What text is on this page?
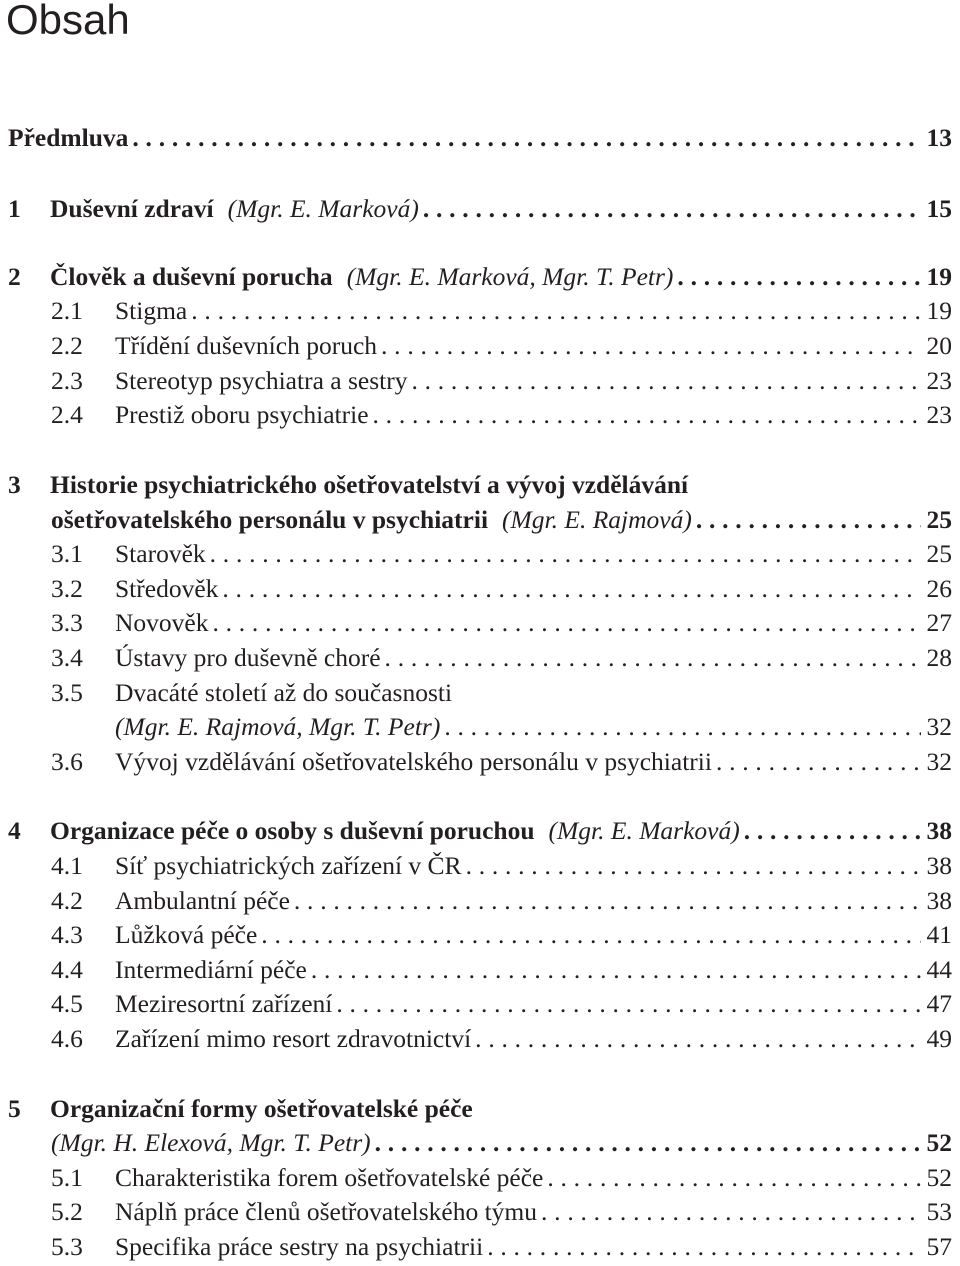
Obsah
Předmluva . . .	13
1	Duševní zdraví (Mgr. E. Marková) . . .	15
2	Člověk a duševní porucha (Mgr. E. Marková, Mgr. T. Petr) . . .	19
2.1	Stigma . . .	19
2.2	Třídění duševních poruch . . .	20
2.3	Stereotyp psychiatra a sestry . . .	23
2.4	Prestiž oboru psychiatrie . . .	23
3	Historie psychiatrického ošetřovatelství a vývoj vzdělávání
ošetřovatelského personálu v psychiatrii (Mgr. E. Rajmová) . . .	25
3.1	Starověk . . .	25
3.2	Středověk . . .	26
3.3	Novověk . . .	27
3.4	Ústavy pro duševně choré . . .	28
3.5	Dvacáté století až do současnosti
(Mgr. E. Rajmová, Mgr. T. Petr) . . .	32
3.6	Vývoj vzdělávání ošetřovatelského personálu v psychiatrii . . .	32
4	Organizace péče o osoby s duševní poruchou (Mgr. E. Marková) . . .	38
4.1	Síť psychiatrických zařízení v ČR . . .	38
4.2	Ambulantní péče . . .	38
4.3	Lůžková péče . . .	41
4.4	Intermediární péče . . .	44
4.5	Meziresortní zařízení . . .	47
4.6	Zařízení mimo resort zdravotnictví . . .	49
5	Organizační formy ošetřovatelské péče
(Mgr. H. Elexová, Mgr. T. Petr) . . .	52
5.1	Charakteristika forem ošetřovatelské péče . . .	52
5.2	Náplň práce členů ošetřovatelského týmu . . .	53
5.3	Specifika práce sestry na psychiatrii . . .	57
